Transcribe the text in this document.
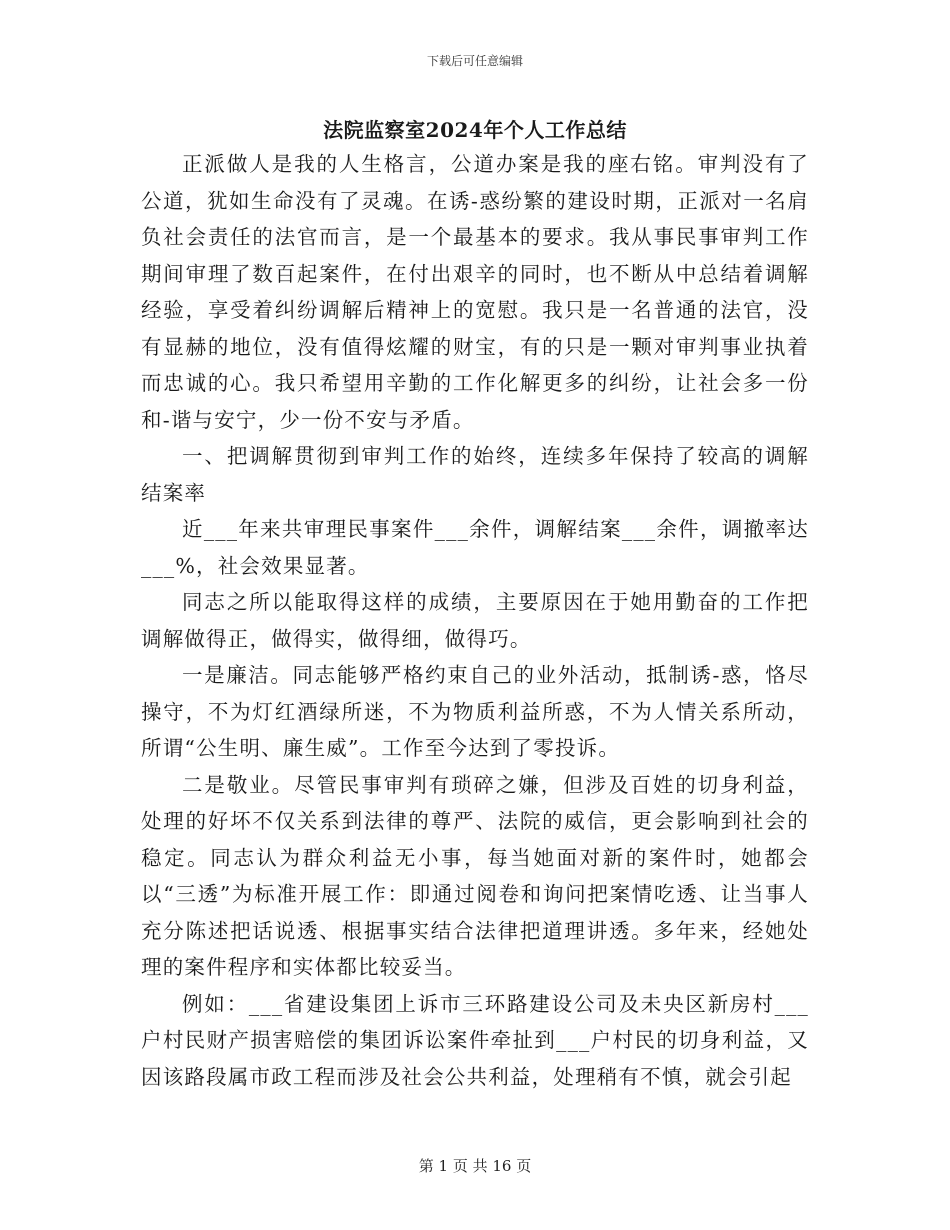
下载后可任意编辑
法院监察室2024年个人工作总结

正派做人是我的人生格言，公道办案是我的座右铭。审判没有了公道，犹如生命没有了灵魂。在诱-惑纷繁的建设时期，正派对一名肩负社会责任的法官而言，是一个最基本的要求。我从事民事审判工作期间审理了数百起案件，在付出艰辛的同时，也不断从中总结着调解经验，享受着纠纷调解后精神上的宽慰。我只是一名普通的法官，没有显赫的地位，没有值得炫耀的财宝，有的只是一颗对审判事业执着而忠诚的心。我只希望用辛勤的工作化解更多的纠纷，让社会多一份和-谐与安宁，少一份不安与矛盾。

一、把调解贯彻到审判工作的始终，连续多年保持了较高的调解结案率

近___年来共审理民事案件___余件，调解结案___余件，调撤率达___%，社会效果显著。

同志之所以能取得这样的成绩，主要原因在于她用勤奋的工作把调解做得正，做得实，做得细，做得巧。

一是廉洁。同志能够严格约束自己的业外活动，抵制诱-惑，恪尽操守，不为灯红酒绿所迷，不为物质利益所惑，不为人情关系所动，所谓“公生明、廉生威”。工作至今达到了零投诉。

二是敬业。尽管民事审判有琐碎之嫌，但涉及百姓的切身利益，处理的好坏不仅关系到法律的尊严、法院的威信，更会影响到社会的稳定。同志认为群众利益无小事，每当她面对新的案件时，她都会以“三透”为标准开展工作：即通过阅卷和询问把案情吃透、让当事人充分陈述把话说透、根据事实结合法律把道理讲透。多年来，经她处理的案件程序和实体都比较妥当。

例如：___省建设集团上诉市三环路建设公司及未央区新房村___户村民财产损害赔偿的集团诉讼案件牵扯到___户村民的切身利益，又因该路段属市政工程而涉及社会公共利益，处理稍有不慎，就会引起

第 1 页 共 16 页
